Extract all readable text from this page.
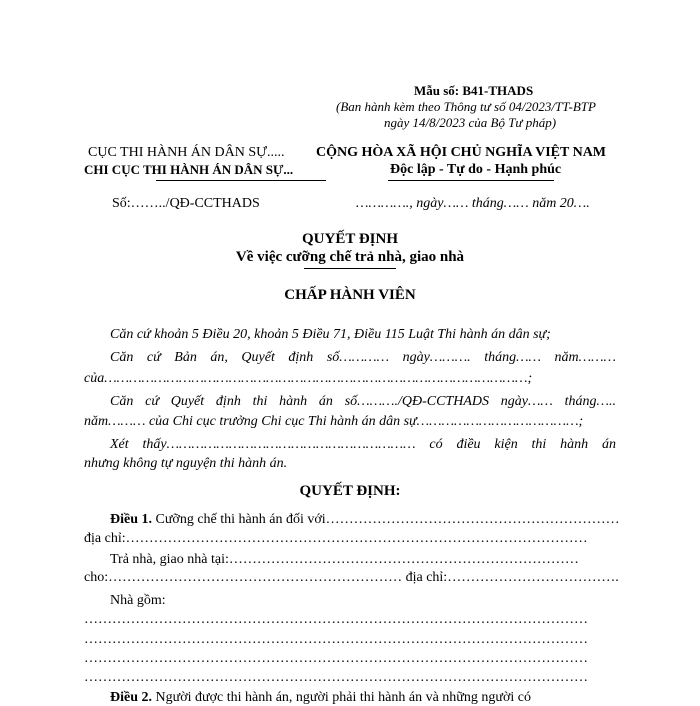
Mẫu số: B41-THADS
(Ban hành kèm theo Thông tư số 04/2023/TT-BTP
ngày 14/8/2023 của Bộ Tư pháp)
CỤC THI HÀNH ÁN DÂN SỰ.....
CHI CỤC THI HÀNH ÁN DÂN SỰ...
CỘNG HÒA XÃ HỘI CHỦ NGHĨA VIỆT NAM
Độc lập - Tự do - Hạnh phúc
Số:……../QĐ-CCTHADS	…………., ngày…… tháng…… năm 20….
QUYẾT ĐỊNH
Về việc cưỡng chế trả nhà, giao nhà
CHẤP HÀNH VIÊN
Căn cứ khoản 5 Điều 20, khoản 5 Điều 71, Điều 115 Luật Thi hành án dân sự;
Căn cứ Bản án, Quyết định số………… ngày………. tháng…… năm………
của…………………………………………………………………………………………;
Căn cứ Quyết định thi hành án số………./QĐ-CCTHADS ngày…… tháng…..
năm……… của Chi cục trưởng Chi cục Thi hành án dân sự…………………………………;
Xét thấy…………………………………………………… có điều kiện thi hành án
nhưng không tự nguyện thi hành án.
QUYẾT ĐỊNH:
Điều 1. Cưỡng chế thi hành án đối với………………………………………………………
địa chỉ:………………………………………………………………………………………
Trả nhà, giao nhà tại:…………………………………………………………………
cho:……………………………………………………… địa chỉ:……………………………….
Nhà gồm:
………………………………………………………………………………………………
………………………………………………………………………………………………
………………………………………………………………………………………………
………………………………………………………………………………………………
Điều 2. Người được thi hành án, người phải thi hành án và những người có
